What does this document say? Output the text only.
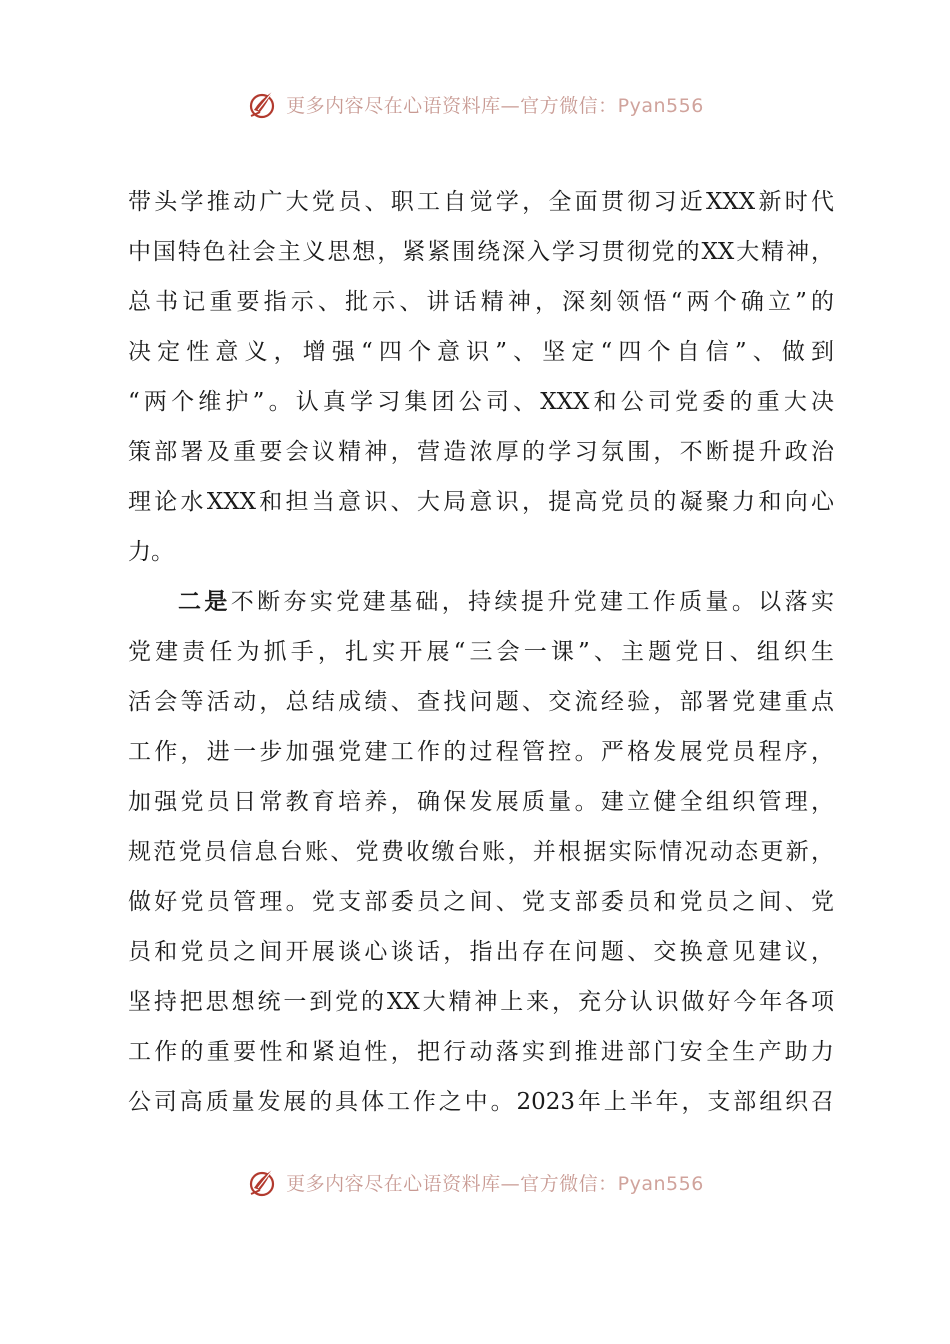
更多内容尽在心语资料库—官方微信：Pyan556
带头学推动广大党员、职工自觉学，全面贯彻习近XXX新时代
中国特色社会主义思想，紧紧围绕深入学习贯彻党的XX大精神，
总书记重要指示、批示、讲话精神，深刻领悟“两个确立”的
决定性意义，增强“四个意识”、坚定“四个自信”、做到
“两个维护”。认真学习集团公司、XXX和公司党委的重大决
策部署及重要会议精神，营造浓厚的学习氛围，不断提升政治
理论水XXX和担当意识、大局意识，提高党员的凝聚力和向心
力。
二是不断夯实党建基础，持续提升党建工作质量。以落实
党建责任为抓手，扎实开展“三会一课”、主题党日、组织生
活会等活动，总结成绩、查找问题、交流经验，部署党建重点
工作，进一步加强党建工作的过程管控。严格发展党员程序，
加强党员日常教育培养，确保发展质量。建立健全组织管理，
规范党员信息台账、党费收缴台账，并根据实际情况动态更新，
做好党员管理。党支部委员之间、党支部委员和党员之间、党
员和党员之间开展谈心谈话，指出存在问题、交换意见建议，
坚持把思想统一到党的XX大精神上来，充分认识做好今年各项
工作的重要性和紧迫性，把行动落实到推进部门安全生产助力
公司高质量发展的具体工作之中。2023年上半年，支部组织召
更多内容尽在心语资料库—官方微信：Pyan556
